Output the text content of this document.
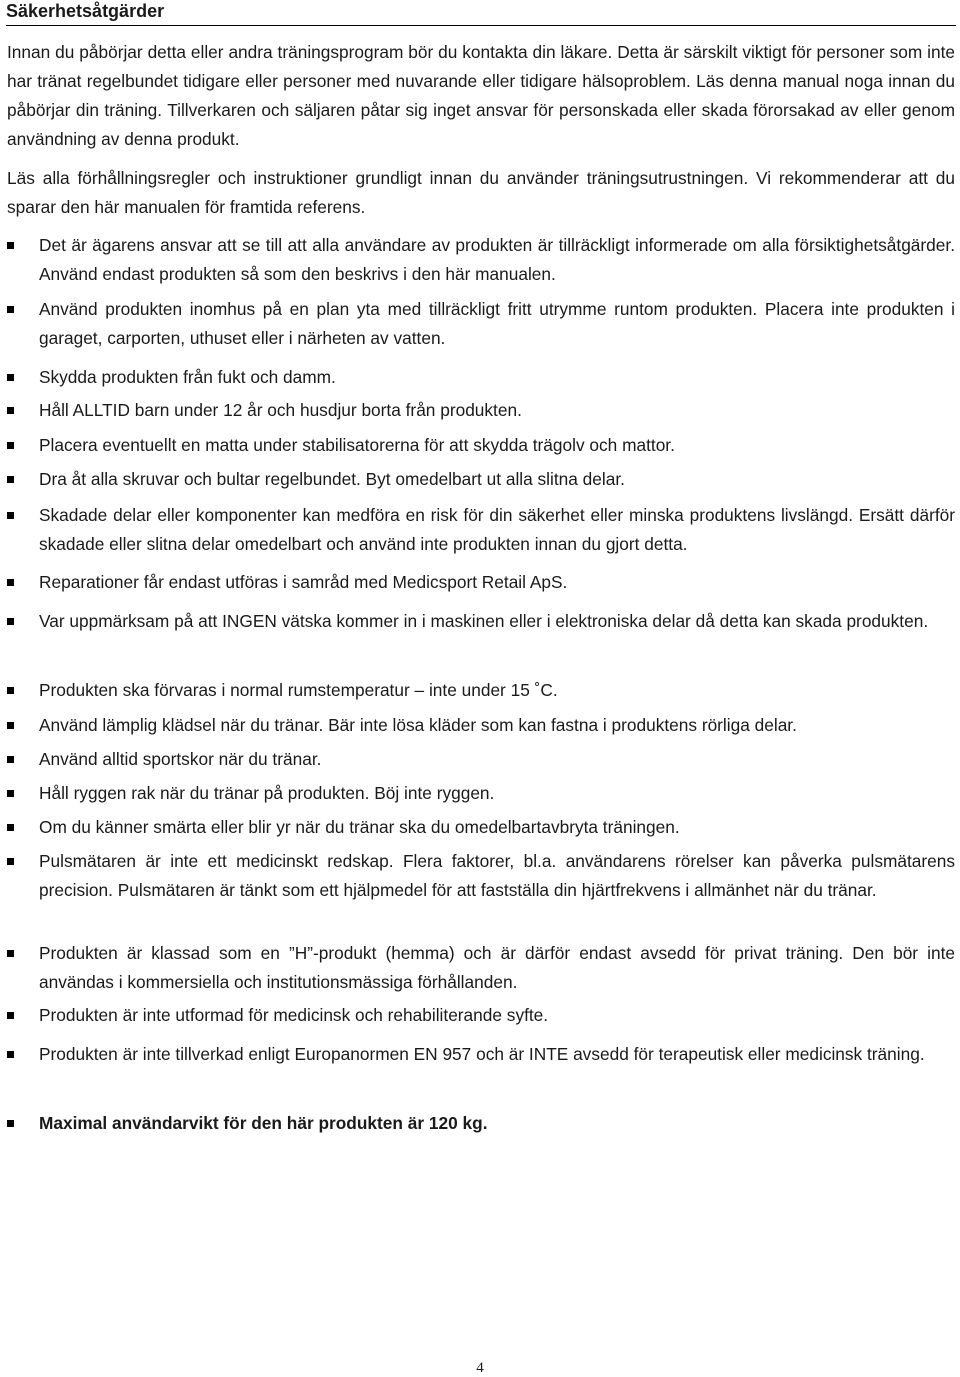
Säkerhetsåtgärder
Innan du påbörjar detta eller andra träningsprogram bör du kontakta din läkare. Detta är särskilt viktigt för personer som inte har tränat regelbundet tidigare eller personer med nuvarande eller tidigare hälsoproblem. Läs denna manual noga innan du påbörjar din träning. Tillverkaren och säljaren påtar sig inget ansvar för personskada eller skada förorsakad av eller genom användning av denna produkt.
Läs alla förhållningsregler och instruktioner grundligt innan du använder träningsutrustningen. Vi rekommenderar att du sparar den här manualen för framtida referens.
Det är ägarens ansvar att se till att alla användare av produkten är tillräckligt informerade om alla försiktighetsåtgärder. Använd endast produkten så som den beskrivs i den här manualen.
Använd produkten inomhus på en plan yta med tillräckligt fritt utrymme runtom produkten. Placera inte produkten i garaget, carporten, uthuset eller i närheten av vatten.
Skydda produkten från fukt och damm.
Håll ALLTID barn under 12 år och husdjur borta från produkten.
Placera eventuellt en matta under stabilisatorerna för att skydda trägolv och mattor.
Dra åt alla skruvar och bultar regelbundet. Byt omedelbart ut alla slitna delar.
Skadade delar eller komponenter kan medföra en risk för din säkerhet eller minska produktens livslängd. Ersätt därför skadade eller slitna delar omedelbart och använd inte produkten innan du gjort detta.
Reparationer får endast utföras i samråd med Medicsport Retail ApS.
Var uppmärksam på att INGEN vätska kommer in i maskinen eller i elektroniska delar då detta kan skada produkten.
Produkten ska förvaras i normal rumstemperatur – inte under 15 ˚C.
Använd lämplig klädsel när du tränar. Bär inte lösa kläder som kan fastna i produktens rörliga delar.
Använd alltid sportskor när du tränar.
Håll ryggen rak när du tränar på produkten. Böj inte ryggen.
Om du känner smärta eller blir yr när du tränar ska du omedelbartavbryta träningen.
Pulsmätaren är inte ett medicinskt redskap. Flera faktorer, bl.a. användarens rörelser kan påverka pulsmätarens precision. Pulsmätaren är tänkt som ett hjälpmedel för att fastställa din hjärtfrekvens i allmänhet när du tränar.
Produkten är klassad som en ”H”-produkt (hemma) och är därför endast avsedd för privat träning. Den bör inte användas i kommersiella och institutionsmässiga förhållanden.
Produkten är inte utformad för medicinsk och rehabiliterande syfte.
Produkten är inte tillverkad enligt Europanormen EN 957 och är INTE avsedd för terapeutisk eller medicinsk träning.
Maximal användarvikt för den här produkten är 120 kg.
4
